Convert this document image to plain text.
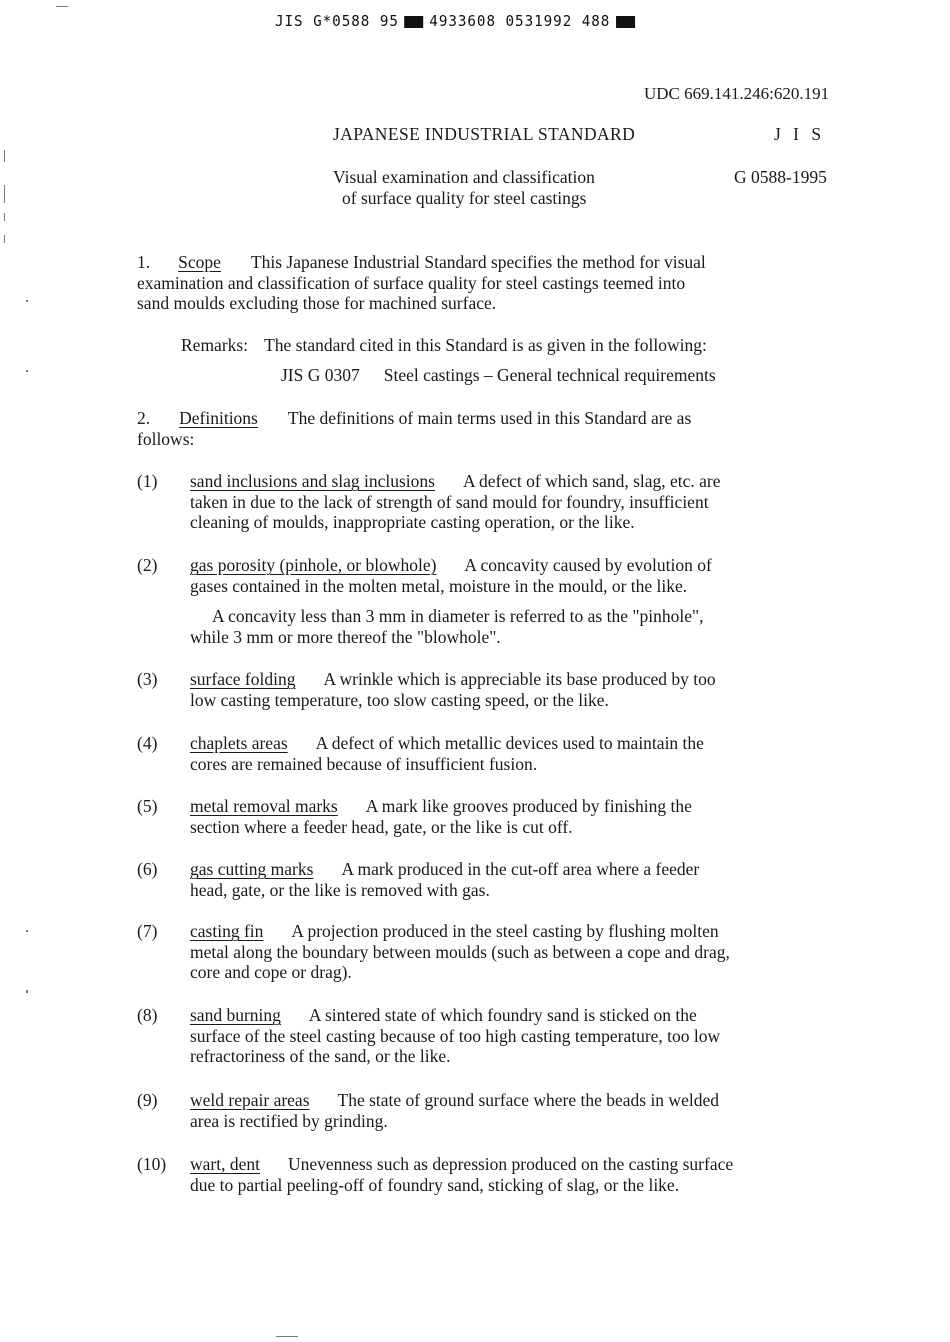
JIS G*0588 95 4933608 0531992 488
UDC 669.141.246:620.191
JAPANESE INDUSTRIAL STANDARD	J I S
Visual examination and classification
of surface quality for steel castings
G 0588-1995
1. Scope This Japanese Industrial Standard specifies the method for visual
examination and classification of surface quality for steel castings teemed into
sand moulds excluding those for machined surface.
Remarks: The standard cited in this Standard is as given in the following:
JIS G 0307 Steel castings – General technical requirements
2. Definitions The definitions of main terms used in this Standard are as
follows:
(1) sand inclusions and slag inclusions A defect of which sand, slag, etc. are
taken in due to the lack of strength of sand mould for foundry, insufficient
cleaning of moulds, inappropriate casting operation, or the like.
(2) gas porosity (pinhole, or blowhole) A concavity caused by evolution of
gases contained in the molten metal, moisture in the mould, or the like.
A concavity less than 3 mm in diameter is referred to as the "pinhole",
while 3 mm or more thereof the "blowhole".
(3) surface folding A wrinkle which is appreciable its base produced by too
low casting temperature, too slow casting speed, or the like.
(4) chaplets areas A defect of which metallic devices used to maintain the
cores are remained because of insufficient fusion.
(5) metal removal marks A mark like grooves produced by finishing the
section where a feeder head, gate, or the like is cut off.
(6) gas cutting marks A mark produced in the cut-off area where a feeder
head, gate, or the like is removed with gas.
(7) casting fin A projection produced in the steel casting by flushing molten
metal along the boundary between moulds (such as between a cope and drag,
core and cope or drag).
(8) sand burning A sintered state of which foundry sand is sticked on the
surface of the steel casting because of too high casting temperature, too low
refractoriness of the sand, or the like.
(9) weld repair areas The state of ground surface where the beads in welded
area is rectified by grinding.
(10) wart, dent Unevenness such as depression produced on the casting surface
due to partial peeling-off of foundry sand, sticking of slag, or the like.
